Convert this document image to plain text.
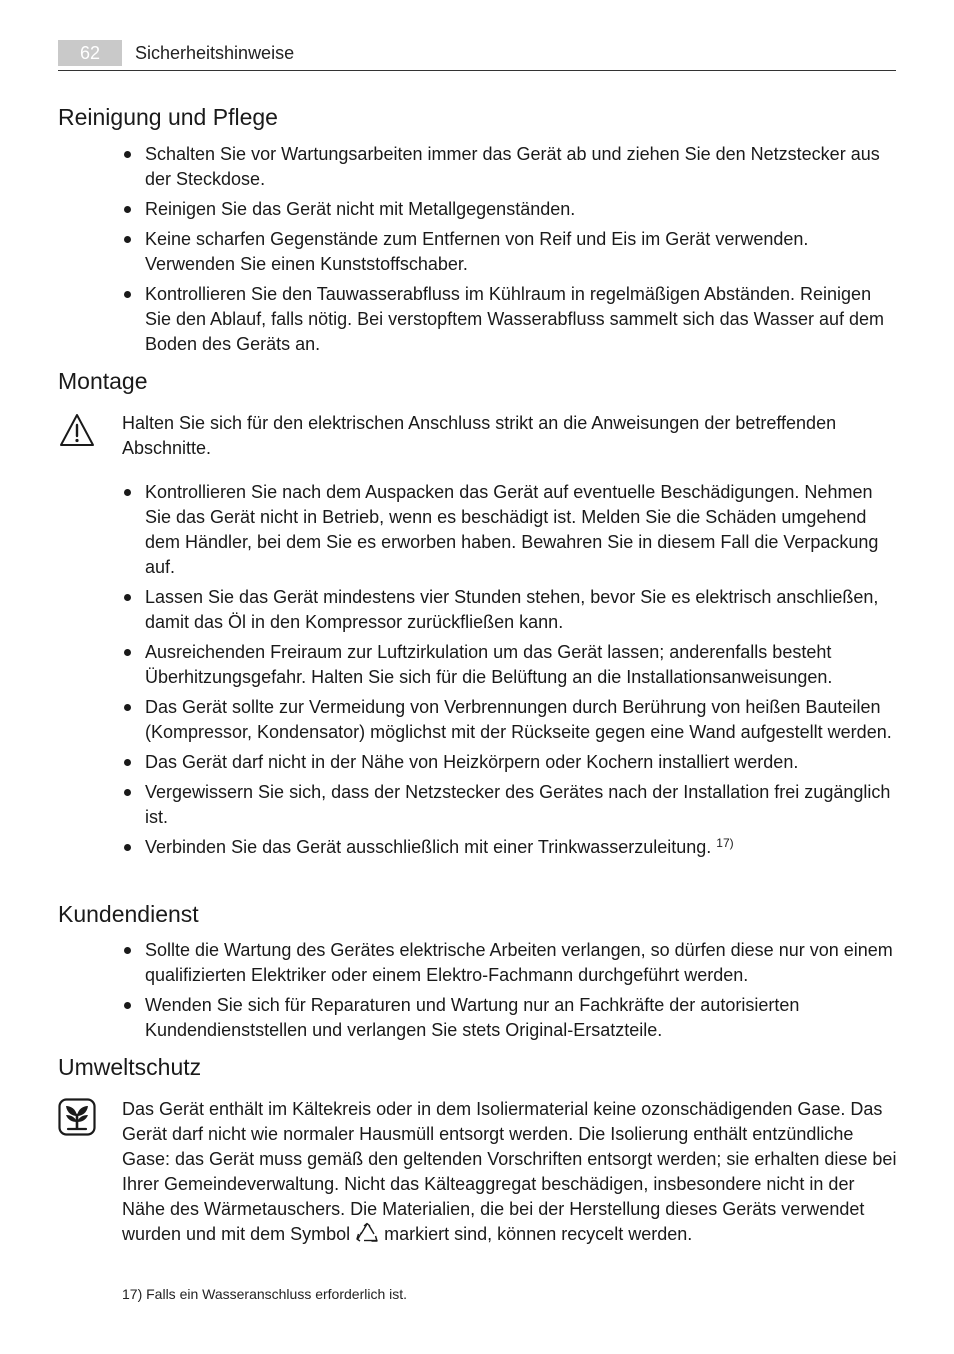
62	Sicherheitshinweise
Reinigung und Pflege
Schalten Sie vor Wartungsarbeiten immer das Gerät ab und ziehen Sie den Netzstecker aus der Steckdose.
Reinigen Sie das Gerät nicht mit Metallgegenständen.
Keine scharfen Gegenstände zum Entfernen von Reif und Eis im Gerät verwenden. Verwenden Sie einen Kunststoffschaber.
Kontrollieren Sie den Tauwasserabfluss im Kühlraum in regelmäßigen Abständen. Reinigen Sie den Ablauf, falls nötig. Bei verstopftem Wasserabfluss sammelt sich das Wasser auf dem Boden des Geräts an.
Montage

Halten Sie sich für den elektrischen Anschluss strikt an die Anweisungen der betreffenden Abschnitte.

Kontrollieren Sie nach dem Auspacken das Gerät auf eventuelle Beschädigungen. Nehmen Sie das Gerät nicht in Betrieb, wenn es beschädigt ist. Melden Sie die Schäden umgehend dem Händler, bei dem Sie es erworben haben. Bewahren Sie in diesem Fall die Verpackung auf.
Lassen Sie das Gerät mindestens vier Stunden stehen, bevor Sie es elektrisch anschließen, damit das Öl in den Kompressor zurückfließen kann.
Ausreichenden Freiraum zur Luftzirkulation um das Gerät lassen; anderenfalls besteht Überhitzungsgefahr. Halten Sie sich für die Belüftung an die Installationsanweisungen.
Das Gerät sollte zur Vermeidung von Verbrennungen durch Berührung von heißen Bauteilen (Kompressor, Kondensator) möglichst mit der Rückseite gegen eine Wand aufgestellt werden.
Das Gerät darf nicht in der Nähe von Heizkörpern oder Kochern installiert werden.
Vergewissern Sie sich, dass der Netzstecker des Gerätes nach der Installation frei zugänglich ist.
Verbinden Sie das Gerät ausschließlich mit einer Trinkwasserzuleitung. $^{17)}$
Kundendienst
Sollte die Wartung des Gerätes elektrische Arbeiten verlangen, so dürfen diese nur von einem qualifizierten Elektriker oder einem Elektro-Fachmann durchgeführt werden.
Wenden Sie sich für Reparaturen und Wartung nur an Fachkräfte der autorisierten Kundendienststellen und verlangen Sie stets Original-Ersatzteile.
Umweltschutz

Das Gerät enthält im Kältekreis oder in dem Isoliermaterial keine ozonschädigenden Gase. Das Gerät darf nicht wie normaler Hausmüll entsorgt werden. Die Isolierung enthält entzündliche Gase: das Gerät muss gemäß den geltenden Vorschriften entsorgt werden; sie erhalten diese bei Ihrer Gemeindeverwaltung. Nicht das Kälteaggregat beschädigen, insbesondere nicht in der Nähe des Wärmetauschers. Die Materialien, die bei der Herstellung dieses Geräts verwendet wurden und mit dem Symbol markiert sind, können recycelt werden.

17) Falls ein Wasseranschluss erforderlich ist.
